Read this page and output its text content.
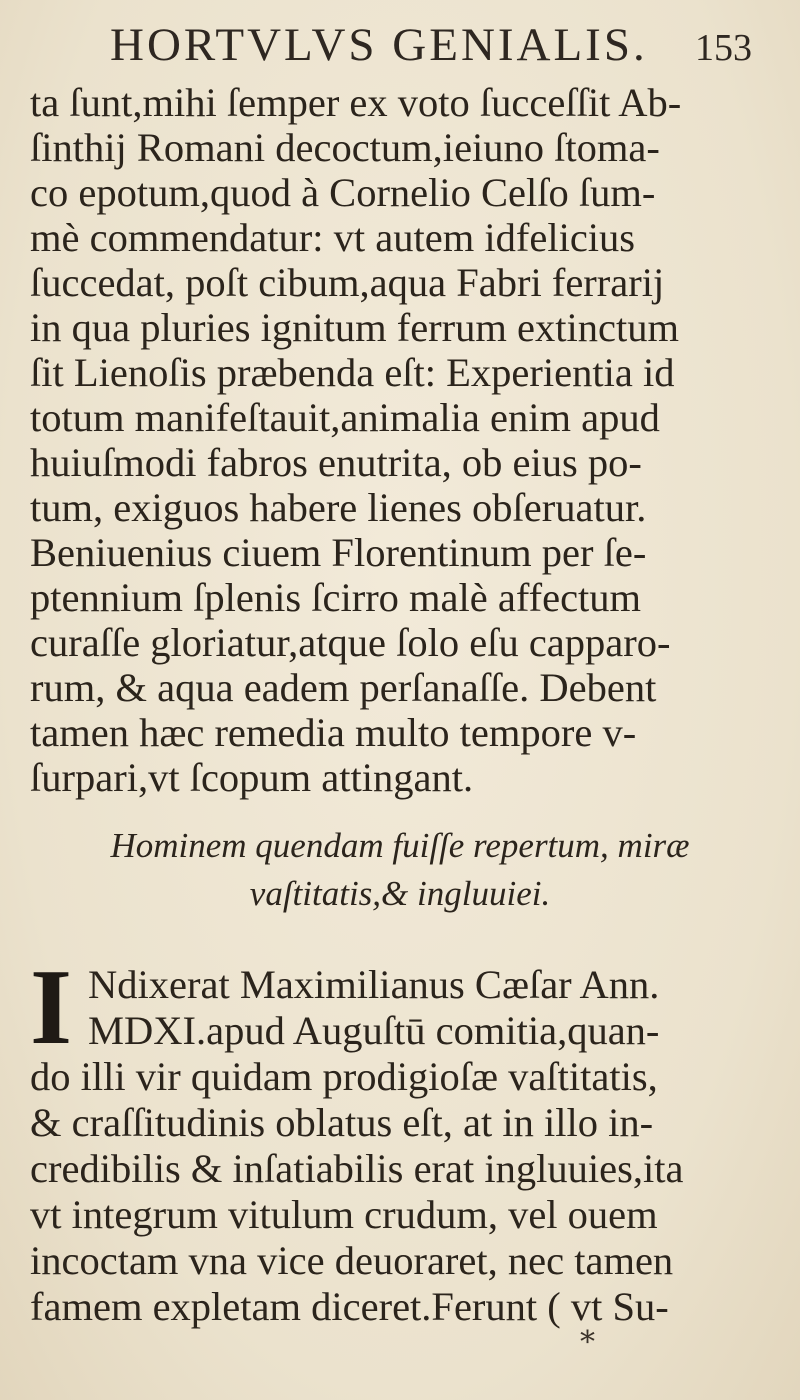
HORTVLVS GENIALIS. 153
ta ſunt,mihi ſemper ex voto ſucceſſit Ab-
ſinthij Romani decoctum,ieiuno ſtoma-
co epotum,quod à Cornelio Celſo ſum-
mè commendatur: vt autem idfelicius
ſuccedat, poſt cibum,aqua Fabri ferrarij
in qua pluries ignitum ferrum extinctum
ſit Lienoſis præbenda eſt: Experientia id
totum manifeſtauit,animalia enim apud
huiuſmodi fabros enutrita, ob eius po-
tum, exiguos habere lienes obſeruatur.
Beniuenius ciuem Florentinum per ſe-
ptennium ſplenis ſcirro malè affectum
curaſſe gloriatur,atque ſolo eſu capparo-
rum, & aqua eadem perſanaſſe. Debent
tamen hæc remedia multo tempore v-
ſurpari,vt ſcopum attingant.
Hominem quendam fuiſſe repertum, miræ
vaſtitatis,& ingluuiei.
I Ndixerat Maximilianus Cæſar Ann.
MDXI.apud Auguſtū comitia,quan-
do illi vir quidam prodigioſæ vaſtitatis,
& craſſitudinis oblatus eſt, at in illo in-
credibilis & inſatiabilis erat ingluuies,ita
vt integrum vitulum crudum, vel ouem
incoctam vna vice deuoraret, nec tamen
famem expletam diceret.Ferunt ( vt Su-
*
